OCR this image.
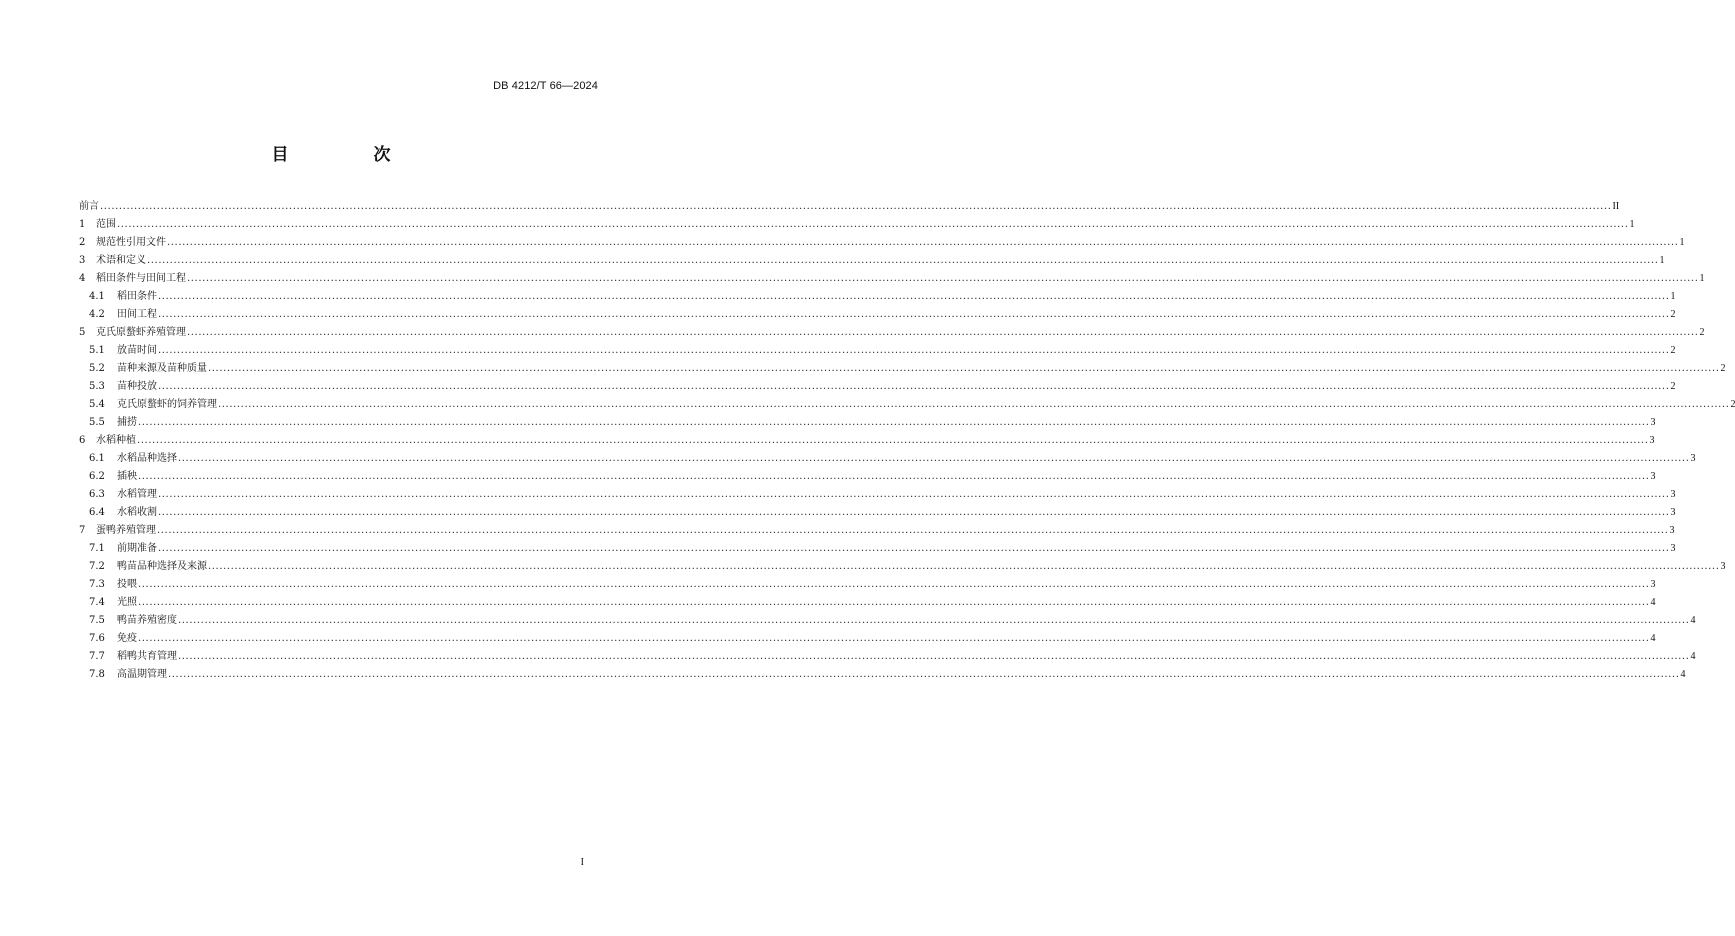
DB 4212/T 66—2024
目　次
前言 ................................................................................................................................................................................................................................................................................................................................................................................................................ II
1	范围 ................................................................................................................................................................................................................................................................................................................................................................................................................ 1
2	规范性引用文件 ................................................................................................................................................................................................................................................................................................................................................................................................................ 1
3	术语和定义 ................................................................................................................................................................................................................................................................................................................................................................................................................ 1
4	稻田条件与田间工程 ................................................................................................................................................................................................................................................................................................................................................................................................................ 1
4.1	稻田条件 ................................................................................................................................................................................................................................................................................................................................................................................................................ 1
4.2	田间工程 ................................................................................................................................................................................................................................................................................................................................................................................................................ 2
5	克氏原螯虾养殖管理 ................................................................................................................................................................................................................................................................................................................................................................................................................ 2
5.1	放苗时间 ................................................................................................................................................................................................................................................................................................................................................................................................................ 2
5.2	苗种来源及苗种质量 ................................................................................................................................................................................................................................................................................................................................................................................................................ 2
5.3	苗种投放 ................................................................................................................................................................................................................................................................................................................................................................................................................ 2
5.4	克氏原螯虾的饲养管理 ................................................................................................................................................................................................................................................................................................................................................................................................................ 2
5.5	捕捞 ................................................................................................................................................................................................................................................................................................................................................................................................................ 3
6	水稻种植 ................................................................................................................................................................................................................................................................................................................................................................................................................ 3
6.1	水稻品种选择 ................................................................................................................................................................................................................................................................................................................................................................................................................ 3
6.2	插秧 ................................................................................................................................................................................................................................................................................................................................................................................................................ 3
6.3	水稻管理 ................................................................................................................................................................................................................................................................................................................................................................................................................ 3
6.4	水稻收割 ................................................................................................................................................................................................................................................................................................................................................................................................................ 3
7	蛋鸭养殖管理 ................................................................................................................................................................................................................................................................................................................................................................................................................ 3
7.1	前期准备 ................................................................................................................................................................................................................................................................................................................................................................................................................ 3
7.2	鸭苗品种选择及来源 ................................................................................................................................................................................................................................................................................................................................................................................................................ 3
7.3	投喂 ................................................................................................................................................................................................................................................................................................................................................................................................................ 3
7.4	光照 ................................................................................................................................................................................................................................................................................................................................................................................................................ 4
7.5	鸭苗养殖密度 ................................................................................................................................................................................................................................................................................................................................................................................................................ 4
7.6	免疫 ................................................................................................................................................................................................................................................................................................................................................................................................................ 4
7.7	稻鸭共育管理 ................................................................................................................................................................................................................................................................................................................................................................................................................ 4
7.8	高温期管理 ................................................................................................................................................................................................................................................................................................................................................................................................................ 4
I
